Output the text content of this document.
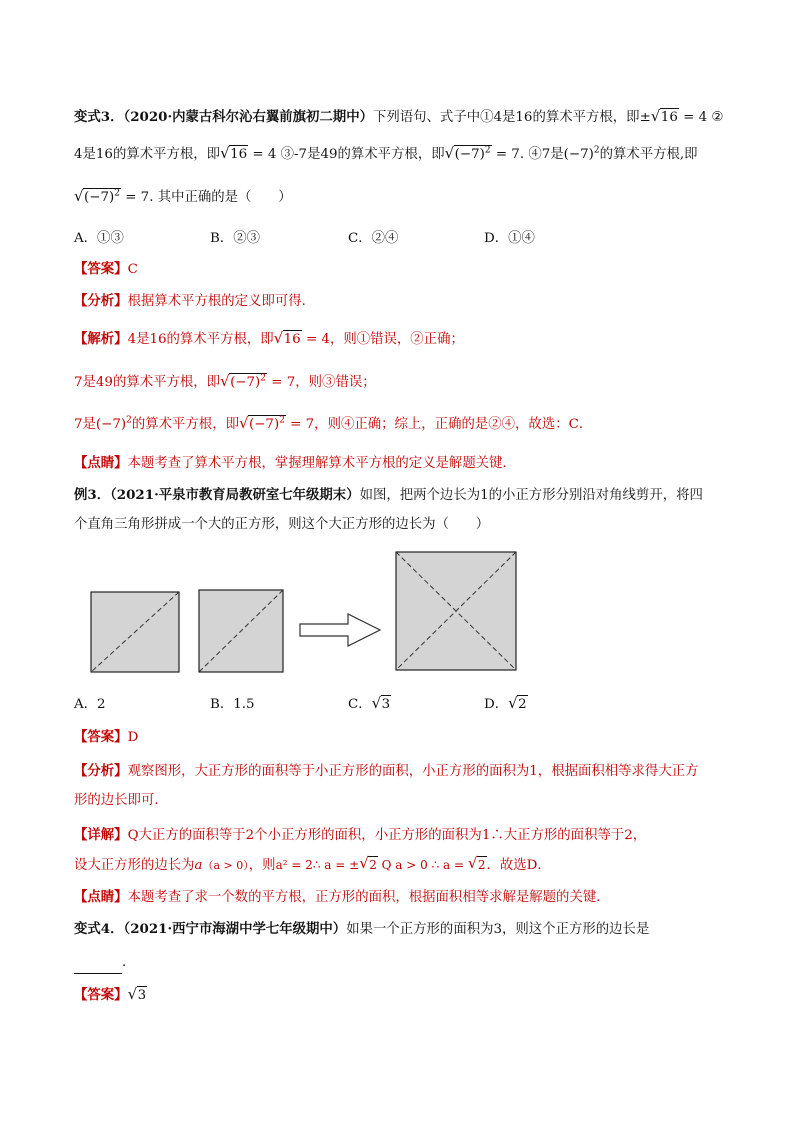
变式3．（2020·内蒙古科尔沁右翼前旗初二期中）下列语句、式子中①4是16的算术平方根，即± √ 16 = 4 ②
4是16的算术平方根，即 √ 16 = 4 ③-7是49的算术平方根，即 √ $(-7)^2 = 7$. ④7是$(-7)^2$的算术平方根,即
√ $(-7)^2 = 7$. 其中正确的是（　　）
A．①③	B．②③	C．②④	D．①④
【答案】C
【分析】根据算术平方根的定义即可得．
【解析】4是16的算术平方根，即 √ 16 = 4，则①错误，②正确；
7是49的算术平方根，即 √ $(-7)^2 = 7$，则③错误；
7是$(-7)^2$的算术平方根，即 √ $(-7)^2 = 7$，则④正确；综上，正确的是②④，故选：C．
【点睛】本题考查了算术平方根，掌握理解算术平方根的定义是解题关键．
例3．（2021·平泉市教育局教研室七年级期末）如图，把两个边长为1的小正方形分别沿对角线剪开，将四
个直角三角形拼成一个大的正方形，则这个大正方形的边长为（　　）
A．2	B．1.5	C． √ 3	D． √ 2
【答案】D
【分析】观察图形，大正方形的面积等于小正方形的面积，小正方形的面积为1，根据面积相等求得大正方
形的边长即可．
【详解】Q大正方的面积等于2个小正方形的面积，小正方形的面积为1∴大正方形的面积等于2，
设大正方形的边长为a（a > 0），则a² = 2∴ a = ± √ 2 Q a > 0 ∴ a = √ 2．故选D．
【点睛】本题考查了求一个数的平方根，正方形的面积，根据面积相等求解是解题的关键．
变式4．（2021·西宁市海湖中学七年级期中）如果一个正方形的面积为3，则这个正方形的边长是
．
【答案】 √ 3
